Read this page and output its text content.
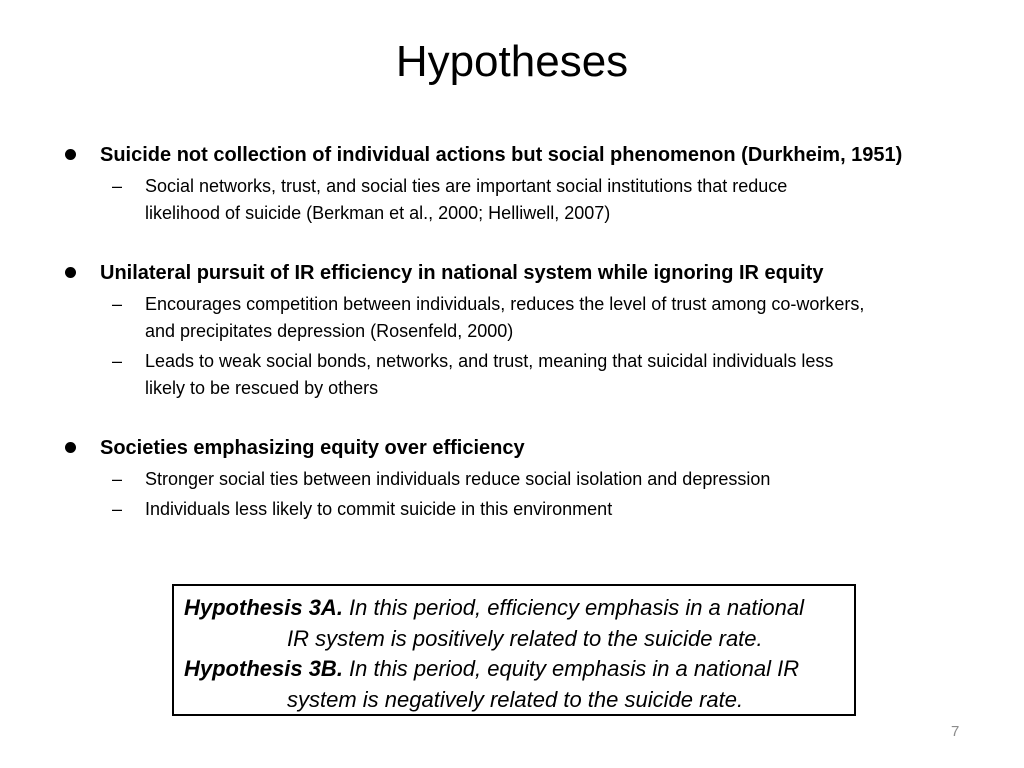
Hypotheses
Suicide not collection of individual actions but social phenomenon (Durkheim, 1951)
– Social networks, trust, and social ties are important social institutions that reduce
likelihood of suicide (Berkman et al., 2000; Helliwell, 2007)
Unilateral pursuit of IR efficiency in national system while ignoring IR equity
– Encourages competition between individuals, reduces the level of trust among co-workers,
and precipitates depression (Rosenfeld, 2000)
– Leads to weak social bonds, networks, and trust, meaning that suicidal individuals less
likely to be rescued by others
Societies emphasizing equity over efficiency
– Stronger social ties between individuals reduce social isolation and depression
– Individuals less likely to commit suicide in this environment
Hypothesis 3A. In this period, efficiency emphasis in a national
IR system is positively related to the suicide rate.
Hypothesis 3B. In this period, equity emphasis in a national IR
system is negatively related to the suicide rate.
7
